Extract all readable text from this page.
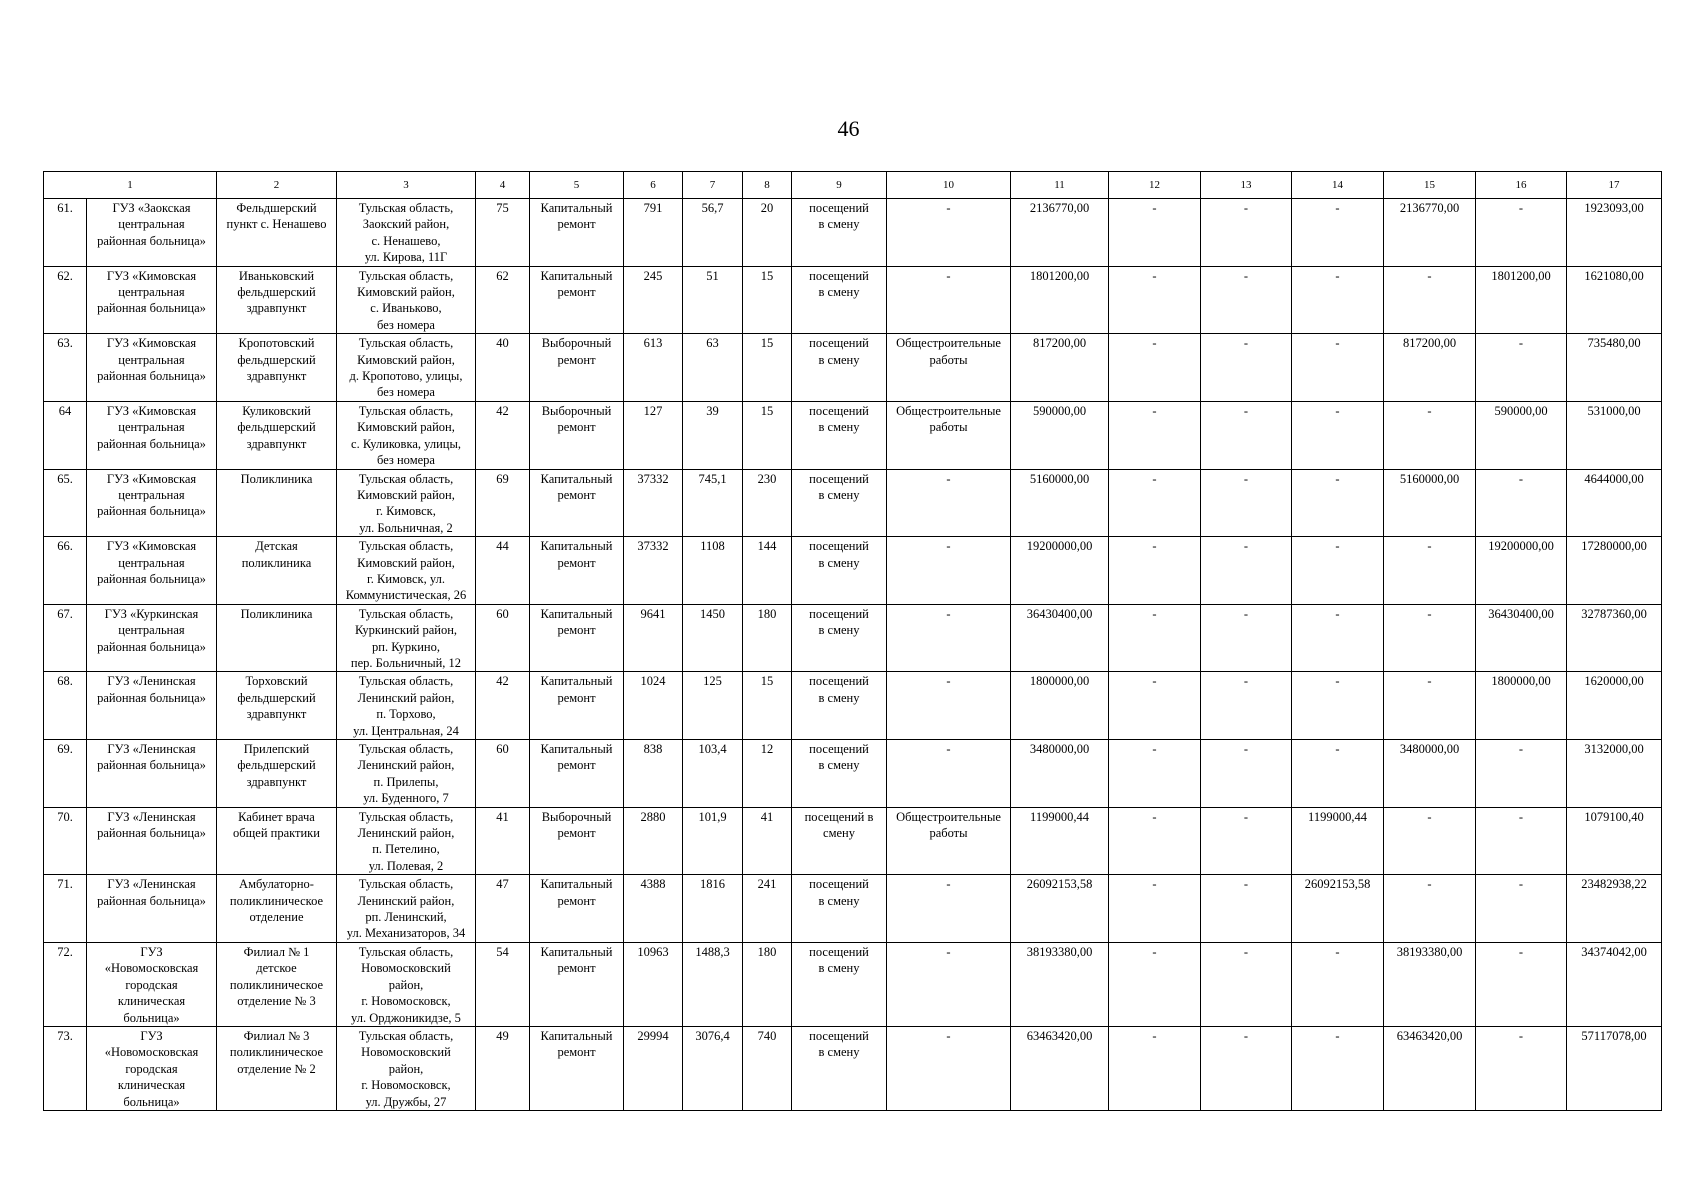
46
1		2	3	4	5	6	7	8	9	10	11	12	13	14	15	16	17
61.	ГУЗ «Заокская
центральная
районная больница»	Фельдшерский
пункт с. Ненашево	Тульская область,
Заокский район,
с. Ненашево,
ул. Кирова, 11Г	75	Капитальный
ремонт	791	56,7	20	посещений
в смену	-	2136770,00	-	-	-	2136770,00	-	1923093,00
62.	ГУЗ «Кимовская
центральная
районная больница»	Иваньковский
фельдшерский
здравпункт	Тульская область,
Кимовский район,
с. Иваньково,
без номера	62	Капитальный
ремонт	245	51	15	посещений
в смену	-	1801200,00	-	-	-	-	1801200,00	1621080,00
63.	ГУЗ «Кимовская
центральная
районная больница»	Кропотовский
фельдшерский
здравпункт	Тульская область,
Кимовский район,
д. Кропотово, улицы,
без номера	40	Выборочный
ремонт	613	63	15	посещений
в смену	Общестроительные
работы	817200,00	-	-	-	817200,00	-	735480,00
64	ГУЗ «Кимовская
центральная
районная больница»	Куликовский
фельдшерский
здравпункт	Тульская область,
Кимовский район,
с. Куликовка, улицы,
без номера	42	Выборочный
ремонт	127	39	15	посещений
в смену	Общестроительные
работы	590000,00	-	-	-	-	590000,00	531000,00
65.	ГУЗ «Кимовская
центральная
районная больница»	Поликлиника	Тульская область,
Кимовский район,
г. Кимовск,
ул. Больничная, 2	69	Капитальный
ремонт	37332	745,1	230	посещений
в смену	-	5160000,00	-	-	-	5160000,00	-	4644000,00
66.	ГУЗ «Кимовская
центральная
районная больница»	Детская
поликлиника	Тульская область,
Кимовский район,
г. Кимовск, ул.
Коммунистическая, 26	44	Капитальный
ремонт	37332	1108	144	посещений
в смену	-	19200000,00	-	-	-	-	19200000,00	17280000,00
67.	ГУЗ «Куркинская
центральная
районная больница»	Поликлиника	Тульская область,
Куркинский район,
рп. Куркино,
пер. Больничный, 12	60	Капитальный
ремонт	9641	1450	180	посещений
в смену	-	36430400,00	-	-	-	-	36430400,00	32787360,00
68.	ГУЗ «Ленинская
районная больница»	Торховский
фельдшерский
здравпункт	Тульская область,
Ленинский район,
п. Торхово,
ул. Центральная, 24	42	Капитальный
ремонт	1024	125	15	посещений
в смену	-	1800000,00	-	-	-	-	1800000,00	1620000,00
69.	ГУЗ «Ленинская
районная больница»	Прилепский
фельдшерский
здравпункт	Тульская область,
Ленинский район,
п. Прилепы,
ул. Буденного, 7	60	Капитальный
ремонт	838	103,4	12	посещений
в смену	-	3480000,00	-	-	-	3480000,00	-	3132000,00
70.	ГУЗ «Ленинская
районная больница»	Кабинет врача
общей практики	Тульская область,
Ленинский район,
п. Петелино,
ул. Полевая, 2	41	Выборочный
ремонт	2880	101,9	41	посещений в
смену	Общестроительные
работы	1199000,44	-	-	1199000,44	-	-	1079100,40
71.	ГУЗ «Ленинская
районная больница»	Амбулаторно-
поликлиническое
отделение	Тульская область,
Ленинский район,
рп. Ленинский,
ул. Механизаторов, 34	47	Капитальный
ремонт	4388	1816	241	посещений
в смену	-	26092153,58	-	-	26092153,58	-	-	23482938,22
72.	ГУЗ
«Новомосковская
городская
клиническая
больница»	Филиал № 1
детское
поликлиническое
отделение № 3	Тульская область,
Новомосковский
район,
г. Новомосковск,
ул. Орджоникидзе, 5	54	Капитальный
ремонт	10963	1488,3	180	посещений
в смену	-	38193380,00	-	-	-	38193380,00	-	34374042,00
73.	ГУЗ
«Новомосковская
городская
клиническая
больница»	Филиал № 3
поликлиническое
отделение № 2	Тульская область,
Новомосковский
район,
г. Новомосковск,
ул. Дружбы, 27	49	Капитальный
ремонт	29994	3076,4	740	посещений
в смену	-	63463420,00	-	-	-	63463420,00	-	57117078,00
